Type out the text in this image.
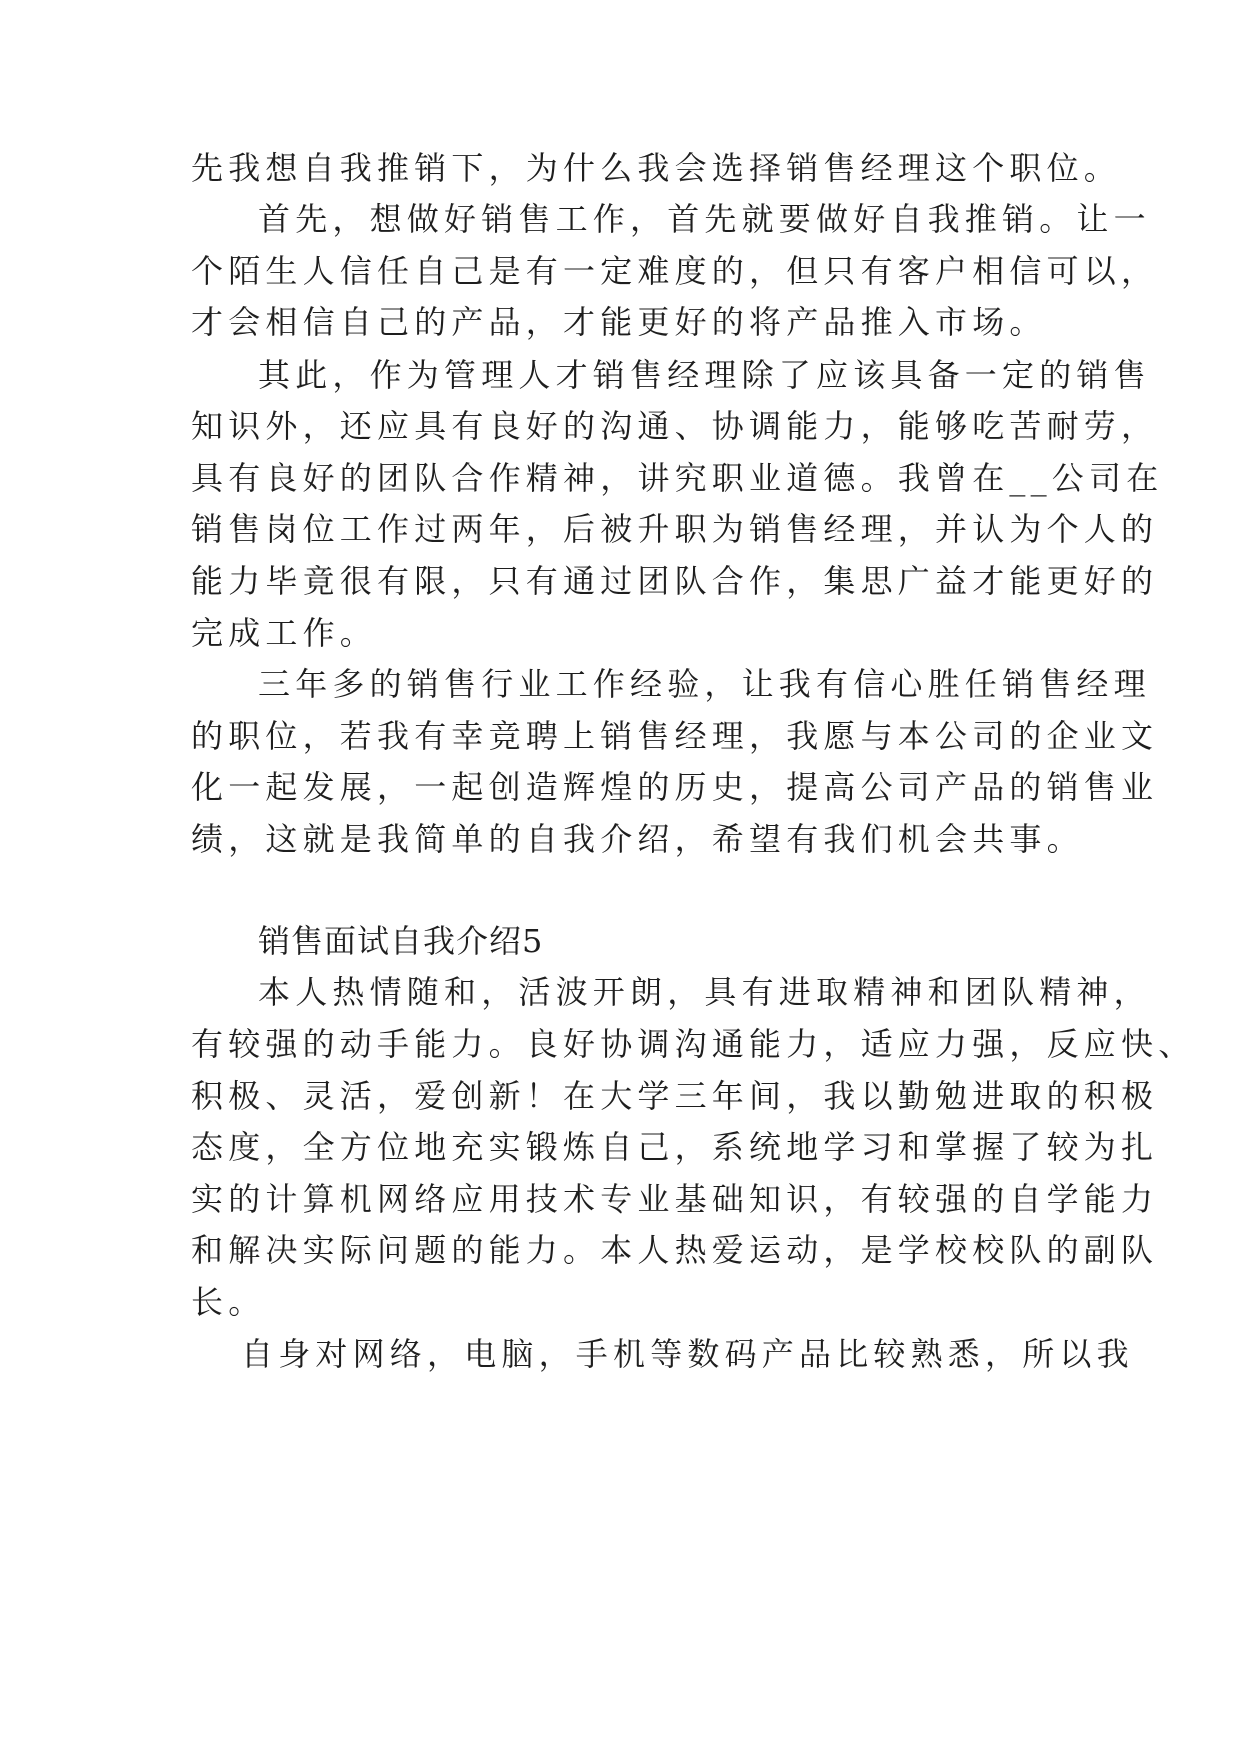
先我想自我推销下，为什么我会选择销售经理这个职位。

首先，想做好销售工作，首先就要做好自我推销。让一

个陌生人信任自己是有一定难度的，但只有客户相信可以，

才会相信自己的产品，才能更好的将产品推入市场。

其此，作为管理人才销售经理除了应该具备一定的销售

知识外，还应具有良好的沟通、协调能力，能够吃苦耐劳，

具有良好的团队合作精神，讲究职业道德。我曾在__公司在

销售岗位工作过两年，后被升职为销售经理，并认为个人的

能力毕竟很有限，只有通过团队合作，集思广益才能更好的

完成工作。

三年多的销售行业工作经验，让我有信心胜任销售经理

的职位，若我有幸竞聘上销售经理，我愿与本公司的企业文

化一起发展，一起创造辉煌的历史，提高公司产品的销售业

绩，这就是我简单的自我介绍，希望有我们机会共事。

销售面试自我介绍5

本人热情随和，活波开朗，具有进取精神和团队精神，

有较强的动手能力。良好协调沟通能力，适应力强，反应快、

积极、灵活，爱创新！在大学三年间，我以勤勉进取的积极

态度，全方位地充实锻炼自己，系统地学习和掌握了较为扎

实的计算机网络应用技术专业基础知识，有较强的自学能力

和解决实际问题的能力。本人热爱运动，是学校校队的副队

长。

自身对网络，电脑，手机等数码产品比较熟悉，所以我
